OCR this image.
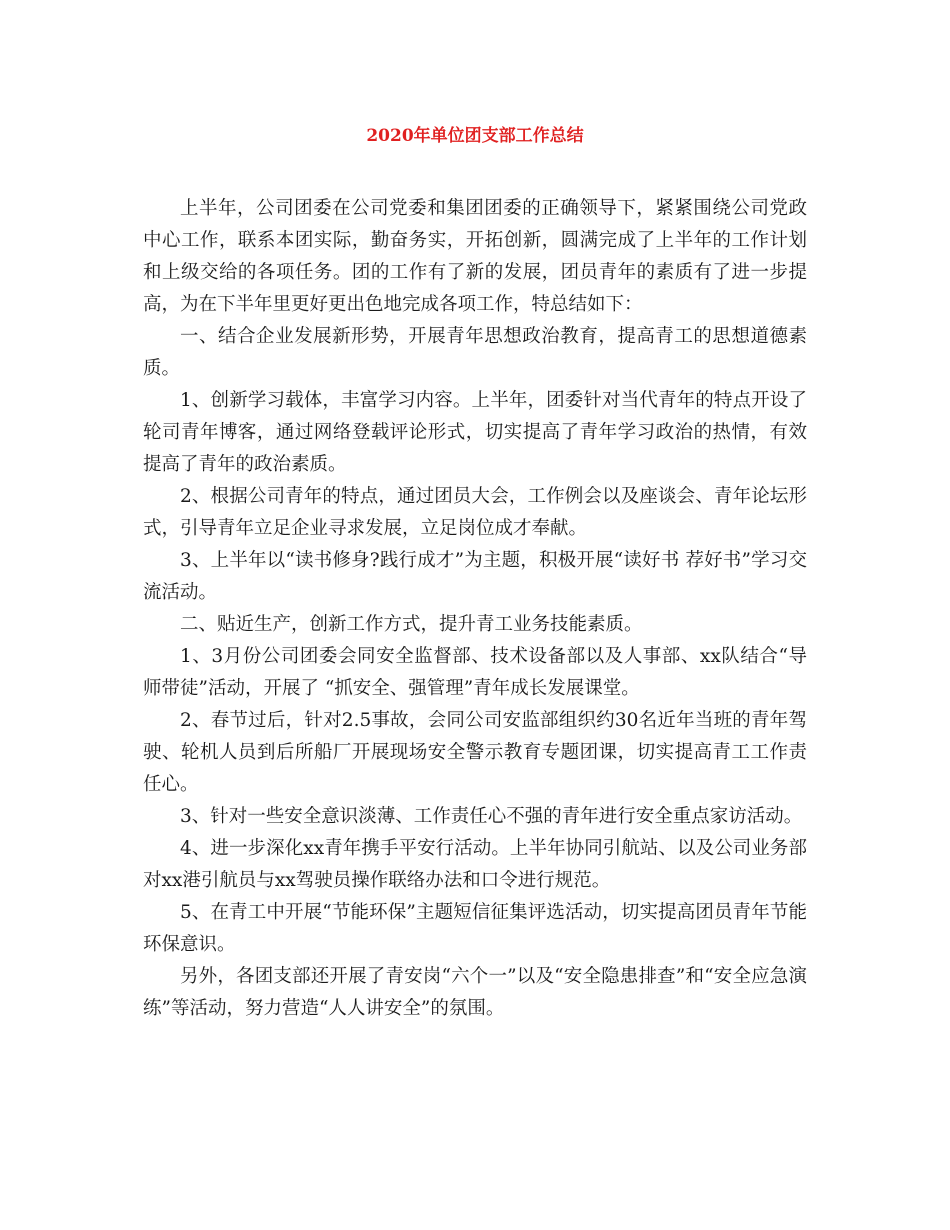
2020年单位团支部工作总结

上半年，公司团委在公司党委和集团团委的正确领导下，紧紧围绕公司党政中心工作，联系本团实际，勤奋务实，开拓创新，圆满完成了上半年的工作计划和上级交给的各项任务。团的工作有了新的发展，团员青年的素质有了进一步提高，为在下半年里更好更出色地完成各项工作，特总结如下：

一、结合企业发展新形势，开展青年思想政治教育，提高青工的思想道德素质。

1、创新学习载体，丰富学习内容。上半年，团委针对当代青年的特点开设了轮司青年博客，通过网络登载评论形式，切实提高了青年学习政治的热情，有效提高了青年的政治素质。

2、根据公司青年的特点，通过团员大会，工作例会以及座谈会、青年论坛形式，引导青年立足企业寻求发展，立足岗位成才奉献。

3、上半年以“读书修身?践行成才”为主题，积极开展“读好书 荐好书”学习交流活动。

二、贴近生产，创新工作方式，提升青工业务技能素质。

1、3月份公司团委会同安全监督部、技术设备部以及人事部、xx队结合“导师带徒”活动，开展了 “抓安全、强管理”青年成长发展课堂。

2、春节过后，针对2.5事故，会同公司安监部组织约30名近年当班的青年驾驶、轮机人员到后所船厂开展现场安全警示教育专题团课，切实提高青工工作责任心。

3、针对一些安全意识淡薄、工作责任心不强的青年进行安全重点家访活动。

4、进一步深化xx青年携手平安行活动。上半年协同引航站、以及公司业务部对xx港引航员与xx驾驶员操作联络办法和口令进行规范。

5、在青工中开展“节能环保”主题短信征集评选活动，切实提高团员青年节能环保意识。

另外，各团支部还开展了青安岗“六个一”以及“安全隐患排查”和“安全应急演练”等活动，努力营造“人人讲安全”的氛围。
